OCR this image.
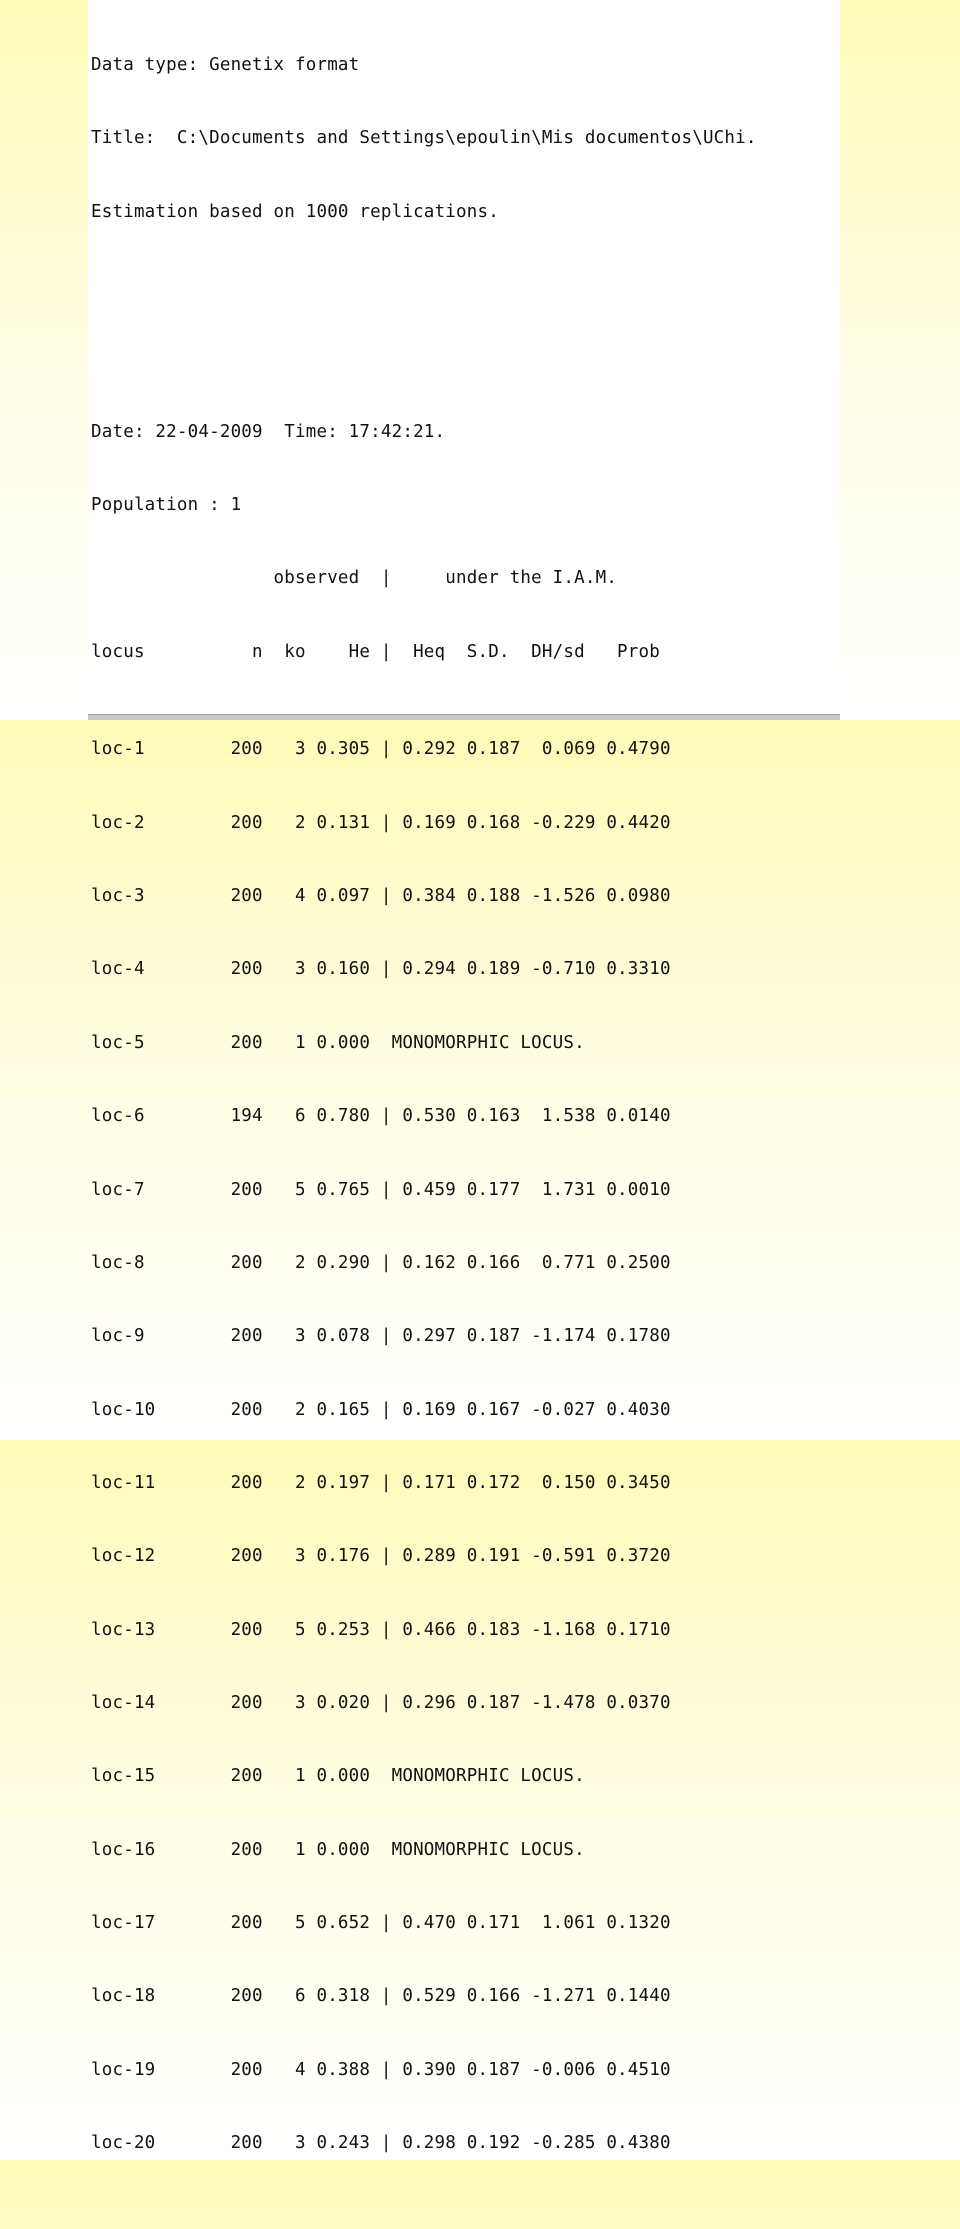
Data type: Genetix format

Title:  C:\Documents and Settings\epoulin\Mis documentos\UChi.

Estimation based on 1000 replications.

Date: 22-04-2009  Time: 17:42:21.

Population : 1

observed  |     under the I.A.M.

locus          n  ko    He |  Heq  S.D.  DH/sd   Prob

loc-1        200   3 0.305 | 0.292 0.187  0.069 0.4790

loc-2        200   2 0.131 | 0.169 0.168 -0.229 0.4420

loc-3        200   4 0.097 | 0.384 0.188 -1.526 0.0980

loc-4        200   3 0.160 | 0.294 0.189 -0.710 0.3310

loc-5        200   1 0.000  MONOMORPHIC LOCUS.

loc-6        194   6 0.780 | 0.530 0.163  1.538 0.0140

loc-7        200   5 0.765 | 0.459 0.177  1.731 0.0010

loc-8        200   2 0.290 | 0.162 0.166  0.771 0.2500

loc-9        200   3 0.078 | 0.297 0.187 -1.174 0.1780

loc-10       200   2 0.165 | 0.169 0.167 -0.027 0.4030

loc-11       200   2 0.197 | 0.171 0.172  0.150 0.3450

loc-12       200   3 0.176 | 0.289 0.191 -0.591 0.3720

loc-13       200   5 0.253 | 0.466 0.183 -1.168 0.1710

loc-14       200   3 0.020 | 0.296 0.187 -1.478 0.0370

loc-15       200   1 0.000  MONOMORPHIC LOCUS.

loc-16       200   1 0.000  MONOMORPHIC LOCUS.

loc-17       200   5 0.652 | 0.470 0.171  1.061 0.1320

loc-18       200   6 0.318 | 0.529 0.166 -1.271 0.1440

loc-19       200   4 0.388 | 0.390 0.187 -0.006 0.4510

loc-20       200   3 0.243 | 0.298 0.192 -0.285 0.4380
